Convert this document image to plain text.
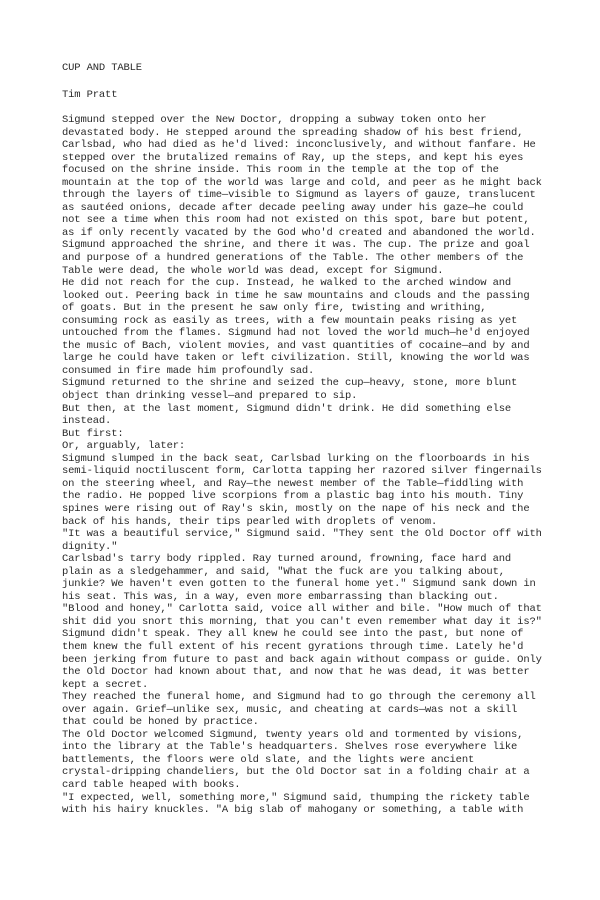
CUP AND TABLE
Tim Pratt
Sigmund stepped over the New Doctor, dropping a subway token onto her
devastated body. He stepped around the spreading shadow of his best friend,
Carlsbad, who had died as he'd lived: inconclusively, and without fanfare. He
stepped over the brutalized remains of Ray, up the steps, and kept his eyes
focused on the shrine inside. This room in the temple at the top of the
mountain at the top of the world was large and cold, and peer as he might back
through the layers of time—visible to Sigmund as layers of gauze, translucent
as sautéed onions, decade after decade peeling away under his gaze—he could
not see a time when this room had not existed on this spot, bare but potent,
as if only recently vacated by the God who'd created and abandoned the world.
Sigmund approached the shrine, and there it was. The cup. The prize and goal
and purpose of a hundred generations of the Table. The other members of the
Table were dead, the whole world was dead, except for Sigmund.
He did not reach for the cup. Instead, he walked to the arched window and
looked out. Peering back in time he saw mountains and clouds and the passing
of goats. But in the present he saw only fire, twisting and writhing,
consuming rock as easily as trees, with a few mountain peaks rising as yet
untouched from the flames. Sigmund had not loved the world much—he'd enjoyed
the music of Bach, violent movies, and vast quantities of cocaine—and by and
large he could have taken or left civilization. Still, knowing the world was
consumed in fire made him profoundly sad.
Sigmund returned to the shrine and seized the cup—heavy, stone, more blunt
object than drinking vessel—and prepared to sip.
But then, at the last moment, Sigmund didn't drink. He did something else
instead.
But first:
Or, arguably, later:
Sigmund slumped in the back seat, Carlsbad lurking on the floorboards in his
semi-liquid noctiluscent form, Carlotta tapping her razored silver fingernails
on the steering wheel, and Ray—the newest member of the Table—fiddling with
the radio. He popped live scorpions from a plastic bag into his mouth. Tiny
spines were rising out of Ray's skin, mostly on the nape of his neck and the
back of his hands, their tips pearled with droplets of venom.
"It was a beautiful service," Sigmund said. "They sent the Old Doctor off with
dignity."
Carlsbad's tarry body rippled. Ray turned around, frowning, face hard and
plain as a sledgehammer, and said, "What the fuck are you talking about,
junkie? We haven't even gotten to the funeral home yet." Sigmund sank down in
his seat. This was, in a way, even more embarrassing than blacking out.
"Blood and honey," Carlotta said, voice all wither and bile. "How much of that
shit did you snort this morning, that you can't even remember what day it is?"
Sigmund didn't speak. They all knew he could see into the past, but none of
them knew the full extent of his recent gyrations through time. Lately he'd
been jerking from future to past and back again without compass or guide. Only
the Old Doctor had known about that, and now that he was dead, it was better
kept a secret.
They reached the funeral home, and Sigmund had to go through the ceremony all
over again. Grief—unlike sex, music, and cheating at cards—was not a skill
that could be honed by practice.
The Old Doctor welcomed Sigmund, twenty years old and tormented by visions,
into the library at the Table's headquarters. Shelves rose everywhere like
battlements, the floors were old slate, and the lights were ancient
crystal-dripping chandeliers, but the Old Doctor sat in a folding chair at a
card table heaped with books.
"I expected, well, something more," Sigmund said, thumping the rickety table
with his hairy knuckles. "A big slab of mahogany or something, a table with
